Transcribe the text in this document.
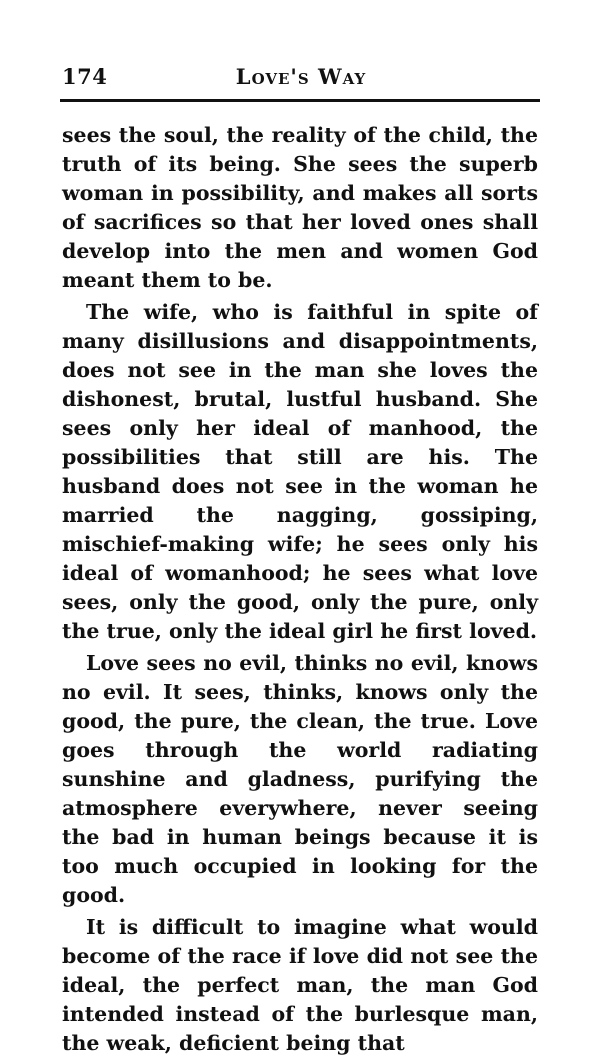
174	Love's Way

sees the soul, the reality of the child, the truth of its being. She sees the superb woman in possibility, and makes all sorts of sacrifices so that her loved ones shall develop into the men and women God meant them to be.

The wife, who is faithful in spite of many disillusions and disappointments, does not see in the man she loves the dishonest, brutal, lustful husband. She sees only her ideal of manhood, the possibilities that still are his. The husband does not see in the woman he married the nagging, gossiping, mischief-making wife; he sees only his ideal of womanhood; he sees what love sees, only the good, only the pure, only the true, only the ideal girl he first loved.

Love sees no evil, thinks no evil, knows no evil. It sees, thinks, knows only the good, the pure, the clean, the true. Love goes through the world radiating sunshine and gladness, purifying the atmosphere everywhere, never seeing the bad in human beings because it is too much occupied in looking for the good.

It is difficult to imagine what would become of the race if love did not see the ideal, the perfect man, the man God intended instead of the burlesque man, the weak, deficient being that
